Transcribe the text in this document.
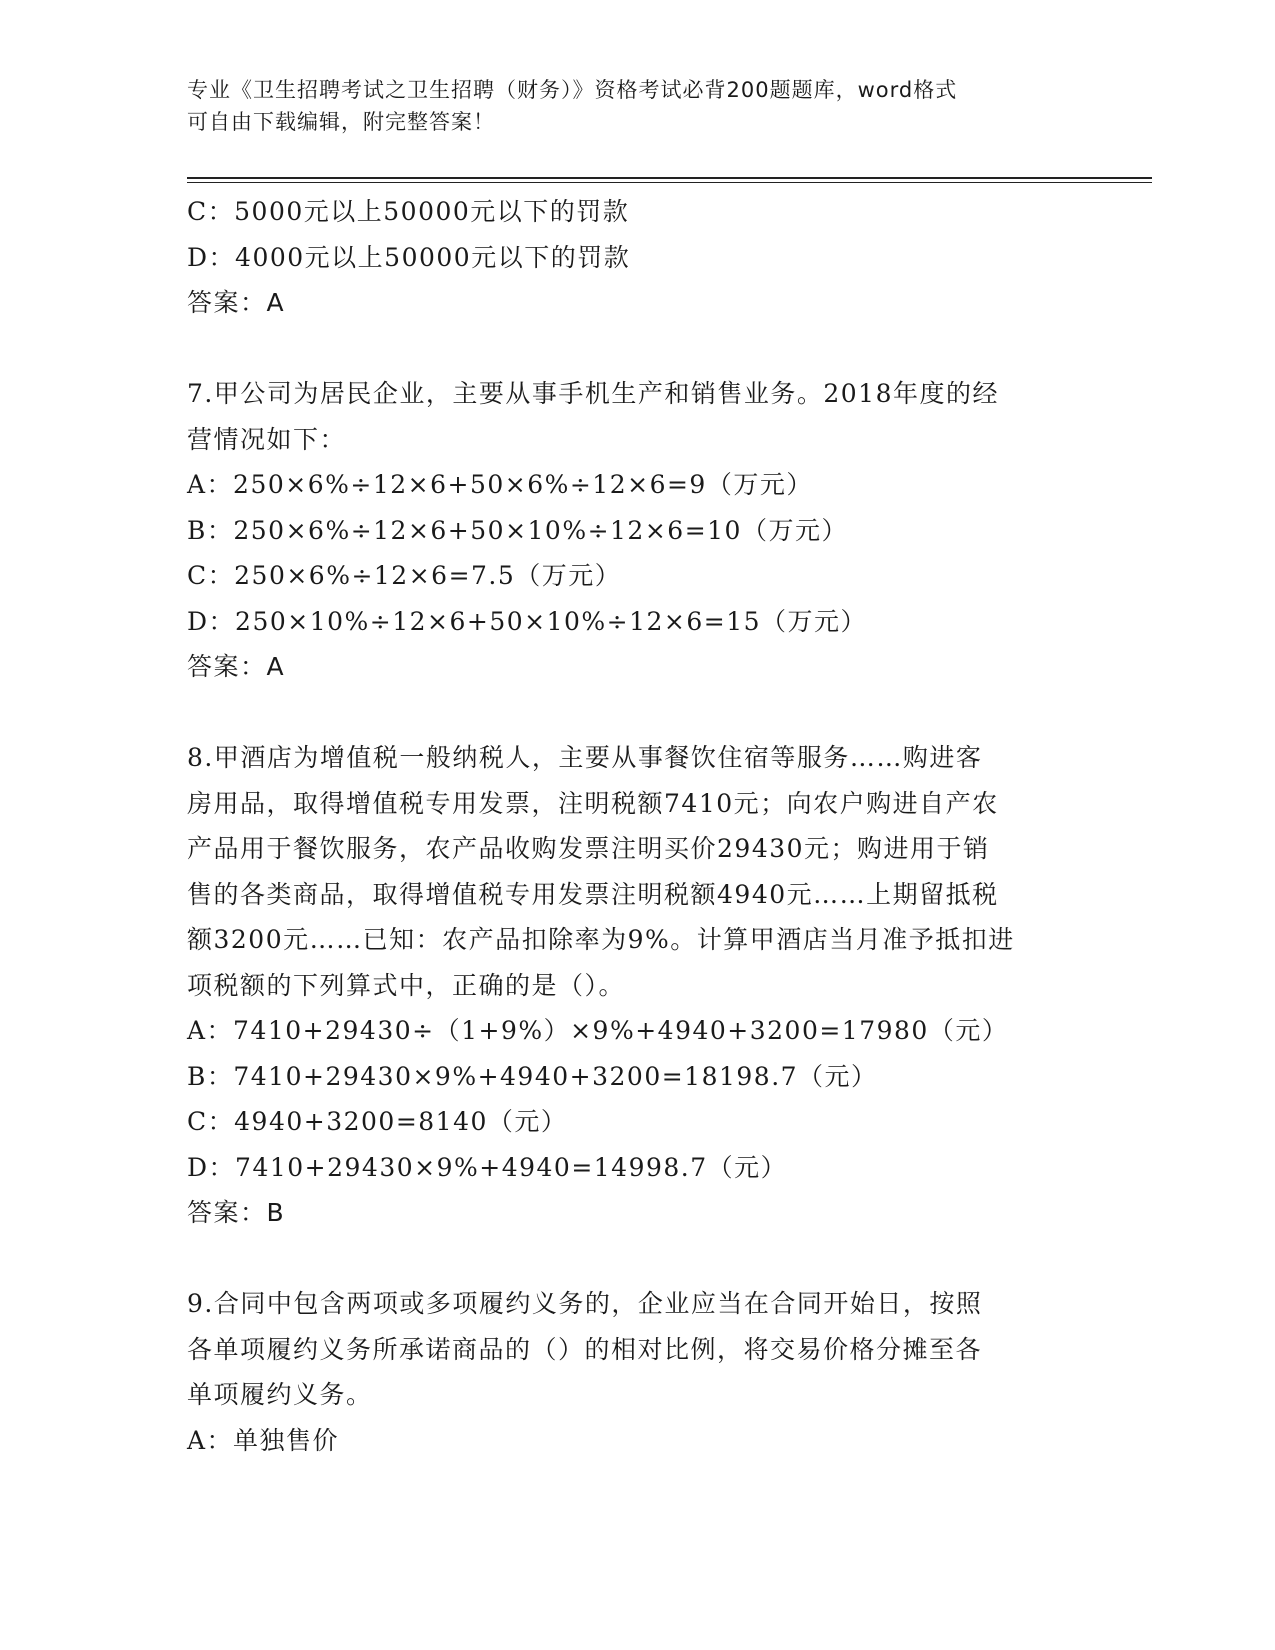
专业《卫生招聘考试之卫生招聘（财务）》资格考试必背200题题库，word格式
可自由下载编辑，附完整答案！
C：5000元以上50000元以下的罚款
D：4000元以上50000元以下的罚款
答案：A
7.甲公司为居民企业，主要从事手机生产和销售业务。2018年度的经
营情况如下：
A：250×6%÷12×6+50×6%÷12×6=9（万元）
B：250×6%÷12×6+50×10%÷12×6=10（万元）
C：250×6%÷12×6=7.5（万元）
D：250×10%÷12×6+50×10%÷12×6=15（万元）
答案：A
8.甲酒店为增值税一般纳税人，主要从事餐饮住宿等服务……购进客
房用品，取得增值税专用发票，注明税额7410元；向农户购进自产农
产品用于餐饮服务，农产品收购发票注明买价29430元；购进用于销
售的各类商品，取得增值税专用发票注明税额4940元……上期留抵税
额3200元……已知：农产品扣除率为9%。计算甲酒店当月准予抵扣进
项税额的下列算式中，正确的是（）。
A：7410+29430÷（1+9%）×9%+4940+3200=17980（元）
B：7410+29430×9%+4940+3200=18198.7（元）
C：4940+3200=8140（元）
D：7410+29430×9%+4940=14998.7（元）
答案：B
9.合同中包含两项或多项履约义务的，企业应当在合同开始日，按照
各单项履约义务所承诺商品的（）的相对比例，将交易价格分摊至各
单项履约义务。
A：单独售价
